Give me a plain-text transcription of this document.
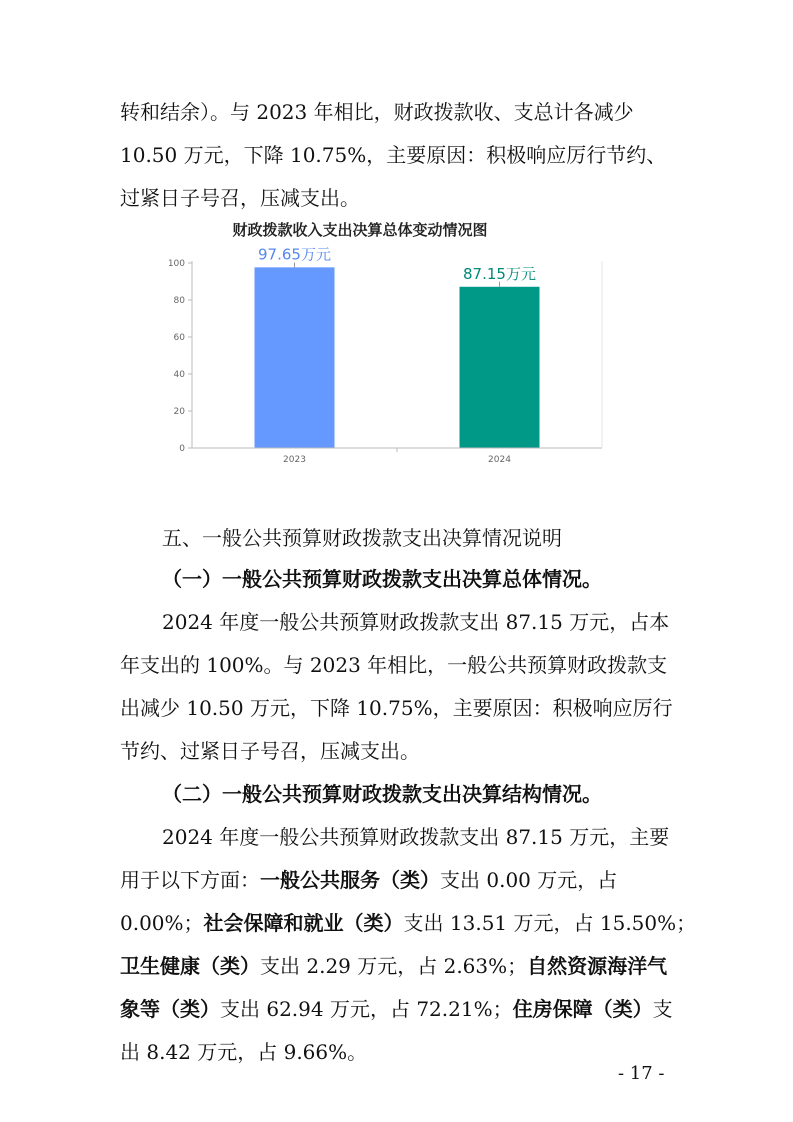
转和结余）。与 2023 年相比，财政拨款收、支总计各减少
10.50 万元，下降 10.75%，主要原因：积极响应厉行节约、
过紧日子号召，压减支出。
财政拨款收入支出决算总体变动情况图
0
20
40
60
80
100
97.65万元
87.15万元
2023	2024
五、一般公共预算财政拨款支出决算情况说明
（一）一般公共预算财政拨款支出决算总体情况。
2024 年度一般公共预算财政拨款支出 87.15 万元，占本
年支出的 100%。与 2023 年相比，一般公共预算财政拨款支
出减少 10.50 万元，下降 10.75%，主要原因：积极响应厉行
节约、过紧日子号召，压减支出。
（二）一般公共预算财政拨款支出决算结构情况。
2024 年度一般公共预算财政拨款支出 87.15 万元，主要
用于以下方面：一般公共服务（类）支出 0.00 万元，占
0.00%；社会保障和就业（类）支出 13.51 万元，占 15.50%；
卫生健康（类）支出 2.29 万元，占 2.63%；自然资源海洋气
象等（类）支出 62.94 万元，占 72.21%；住房保障（类）支
出 8.42 万元，占 9.66%。
- 17 -
